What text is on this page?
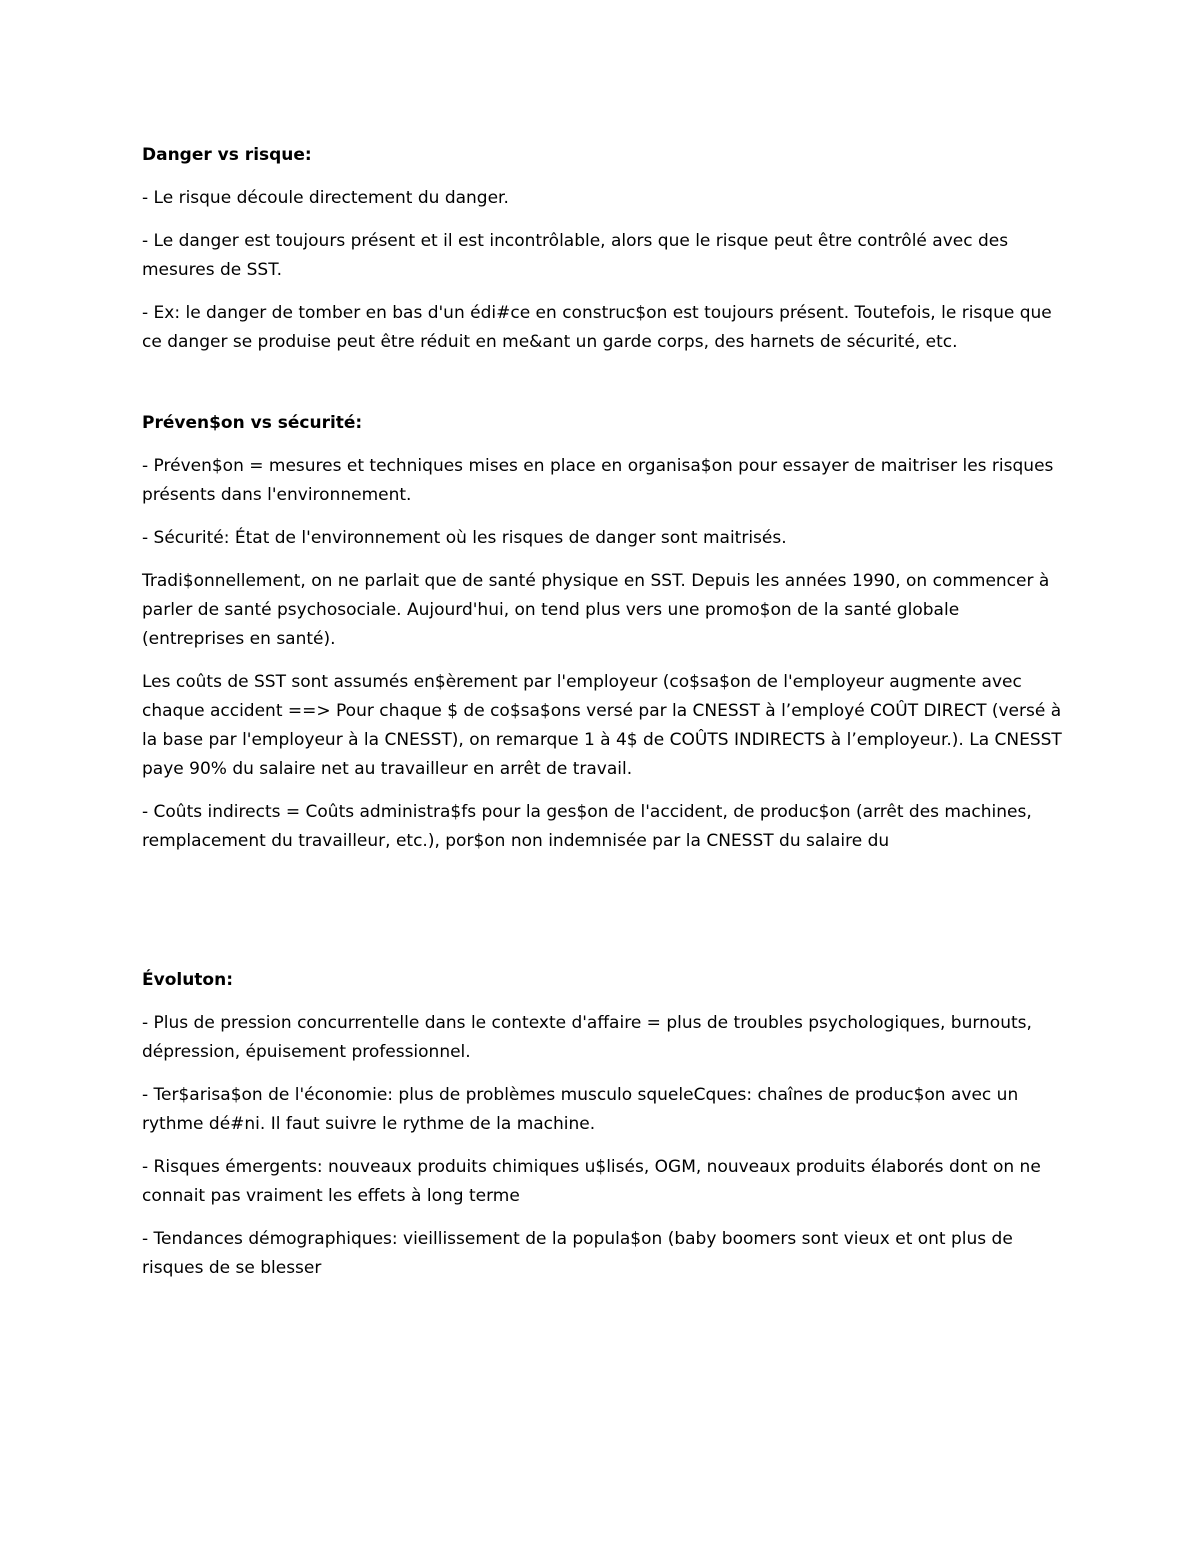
Danger vs risque:

- Le risque découle directement du danger.

- Le danger est toujours présent et il est incontrôlable, alors que le risque peut être contrôlé avec des mesures de SST.

- Ex: le danger de tomber en bas d'un édi#ce en construc$on est toujours présent. Toutefois, le risque que ce danger se produise peut être réduit en me&ant un garde corps, des harnets de sécurité, etc.

Préven$on vs sécurité:

- Préven$on = mesures et techniques mises en place en organisa$on pour essayer de maitriser les risques présents dans l'environnement.

- Sécurité: État de l'environnement où les risques de danger sont maitrisés.

Tradi$onnellement, on ne parlait que de santé physique en SST. Depuis les années 1990, on commencer à parler de santé psychosociale. Aujourd'hui, on tend plus vers une promo$on de la santé globale (entreprises en santé).

Les coûts de SST sont assumés en$èrement par l'employeur (co$sa$on de l'employeur augmente avec chaque accident ==> Pour chaque $ de co$sa$ons versé par la CNESST à l’employé COÛT DIRECT (versé à la base par l'employeur à la CNESST), on remarque 1 à 4$ de COÛTS INDIRECTS à l’employeur.). La CNESST paye 90% du salaire net au travailleur en arrêt de travail.

- Coûts indirects = Coûts administra$fs pour la ges$on de l'accident, de produc$on (arrêt des machines, remplacement du travailleur, etc.), por$on non indemnisée par la CNESST du salaire du

Évoluton:

- Plus de pression concurrentelle dans le contexte d'affaire = plus de troubles psychologiques, burnouts, dépression, épuisement professionnel.

- Ter$arisa$on de l'économie: plus de problèmes musculo squeleCques: chaînes de produc$on avec un rythme dé#ni. Il faut suivre le rythme de la machine.

- Risques émergents: nouveaux produits chimiques u$lisés, OGM, nouveaux produits élaborés dont on ne connait pas vraiment les effets à long terme

- Tendances démographiques: vieillissement de la popula$on (baby boomers sont vieux et ont plus de risques de se blesser
